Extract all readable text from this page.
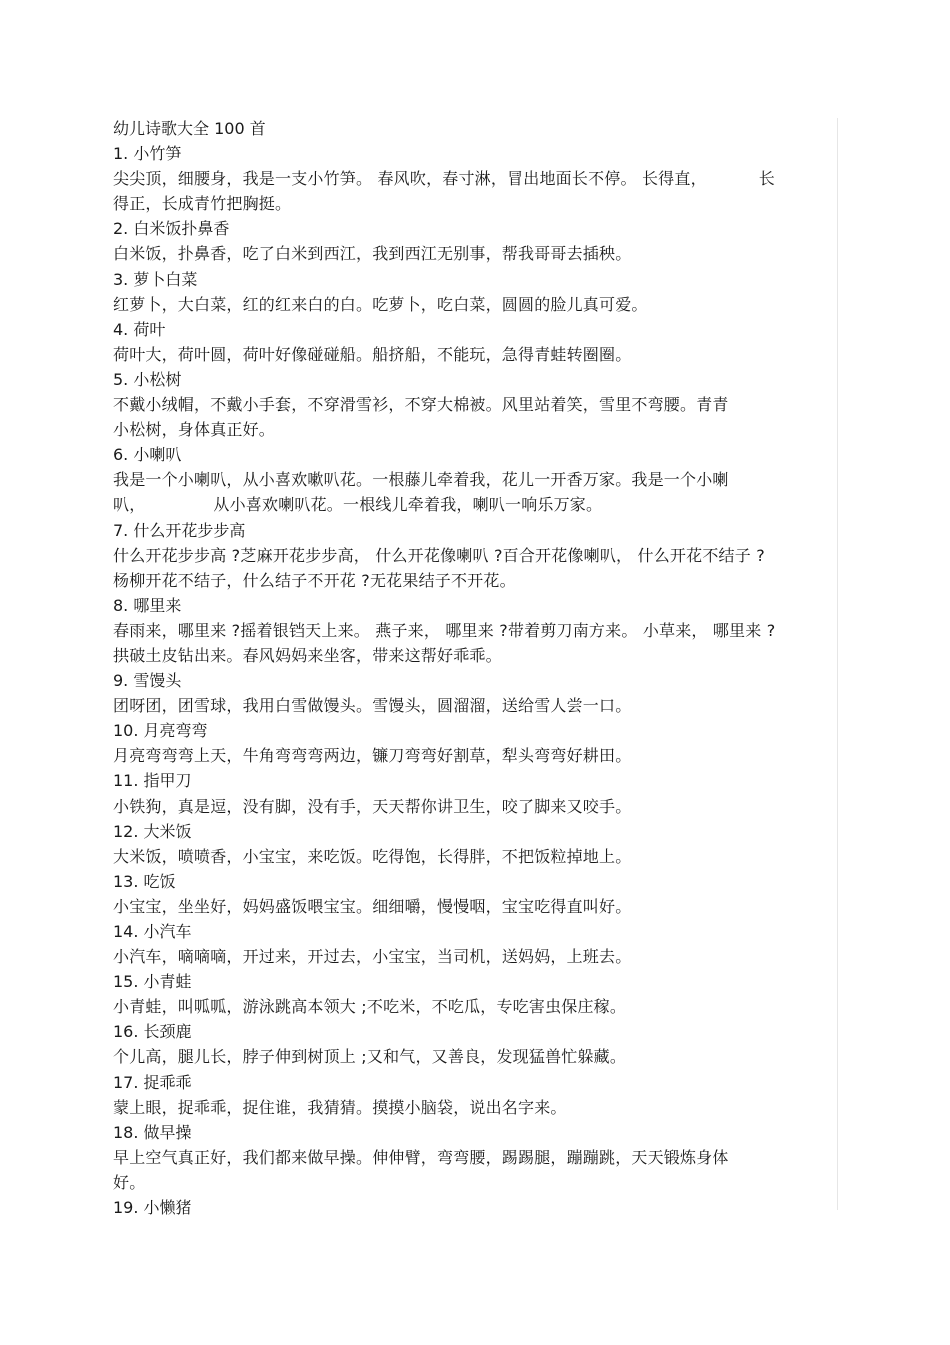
幼儿诗歌大全 100 首
1. 小竹笋
尖尖顶，细腰身，我是一支小竹笋。 春风吹，春寸淋，冒出地面长不停。 长得直，	长
得正，长成青竹把胸挺。
2. 白米饭扑鼻香
白米饭，扑鼻香，吃了白米到西江，我到西江无别事，帮我哥哥去插秧。
3. 萝卜白菜
红萝卜，大白菜，红的红来白的白。吃萝卜，吃白菜，圆圆的脸儿真可爱。
4. 荷叶
荷叶大，荷叶圆，荷叶好像碰碰船。船挤船，不能玩，急得青蛙转圈圈。
5. 小松树
不戴小绒帽，不戴小手套，不穿滑雪衫，不穿大棉被。风里站着笑，雪里不弯腰。青青
小松树，身体真正好。
6. 小喇叭
我是一个小喇叭，从小喜欢嗽叭花。一根藤儿牵着我，花儿一开香万家。我是一个小喇
叭，	从小喜欢喇叭花。一根线儿牵着我，喇叭一响乐万家。
7. 什么开花步步高
什么开花步步高 ?芝麻开花步步高， 什么开花像喇叭 ?百合开花像喇叭， 什么开花不结子 ?
杨柳开花不结子，什么结子不开花 ?无花果结子不开花。
8. 哪里来
春雨来，哪里来 ?摇着银铛天上来。 燕子来， 哪里来 ?带着剪刀南方来。 小草来， 哪里来 ?
拱破土皮钻出来。春风妈妈来坐客，带来这帮好乖乖。
9. 雪馒头
团呀团，团雪球，我用白雪做馒头。雪馒头，圆溜溜，送给雪人尝一口。
10. 月亮弯弯
月亮弯弯弯上天，牛角弯弯弯两边，镰刀弯弯好割草，犁头弯弯好耕田。
11. 指甲刀
小铁狗，真是逗，没有脚，没有手，天天帮你讲卫生，咬了脚来又咬手。
12. 大米饭
大米饭，喷喷香，小宝宝，来吃饭。吃得饱，长得胖，不把饭粒掉地上。
13. 吃饭
小宝宝，坐坐好，妈妈盛饭喂宝宝。细细嚼，慢慢咽，宝宝吃得直叫好。
14. 小汽车
小汽车，嘀嘀嘀，开过来，开过去，小宝宝，当司机，送妈妈，上班去。
15. 小青蛙
小青蛙，叫呱呱，游泳跳高本领大 ;不吃米，不吃瓜，专吃害虫保庄稼。
16. 长颈鹿
个儿高，腿儿长，脖子伸到树顶上 ;又和气，又善良，发现猛兽忙躲藏。
17. 捉乖乖
蒙上眼，捉乖乖，捉住谁，我猜猜。摸摸小脑袋，说出名字来。
18. 做早操
早上空气真正好，我们都来做早操。伸伸臂，弯弯腰，踢踢腿，蹦蹦跳，天天锻炼身体
好。
19. 小懒猪
